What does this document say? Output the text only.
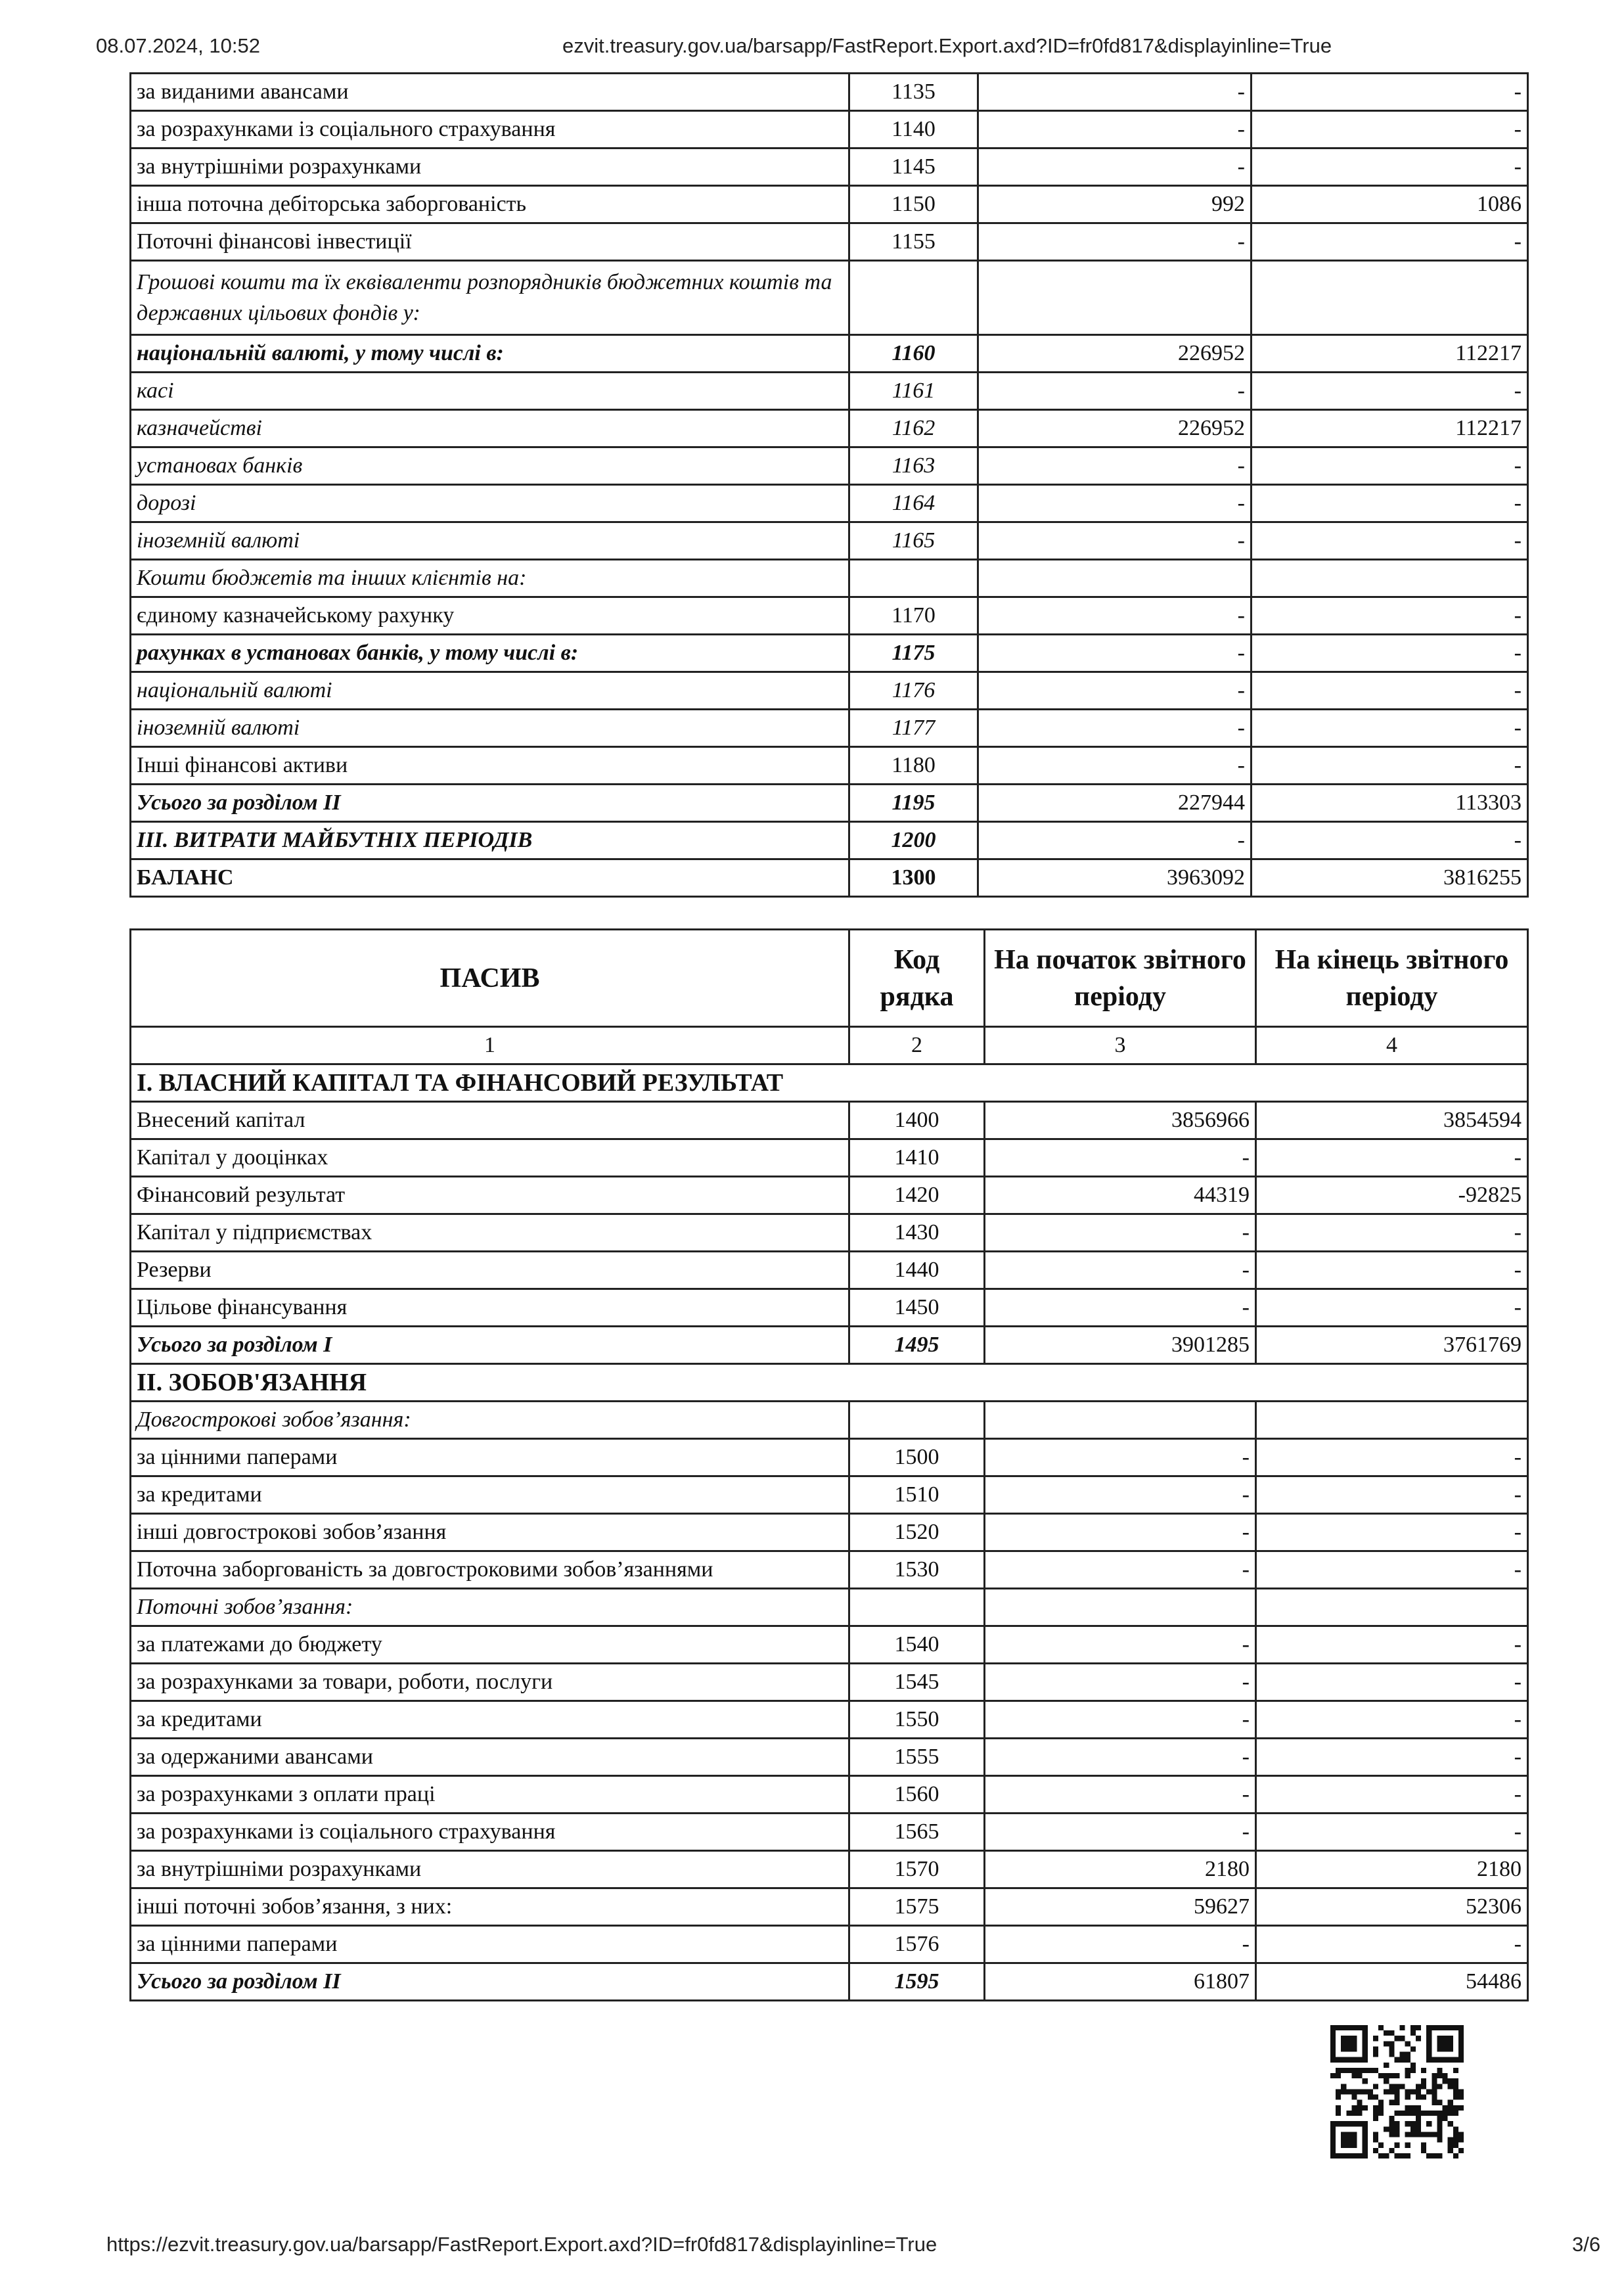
08.07.2024, 10:52	ezvit.treasury.gov.ua/barsapp/FastReport.Export.axd?ID=fr0fd817&displayinline=True
за виданими авансами	1135	-	-
за розрахунками із соціального страхування	1140	-	-
за внутрішніми розрахунками	1145	-	-
інша поточна дебіторська заборгованість	1150	992	1086
Поточні фінансові інвестиції	1155	-	-
Грошові кошти та їх еквіваленти розпорядників бюджетних коштів та державних цільових фондів у:			
національній валюті, у тому числі в:	1160	226952	112217
касі	1161	-	-
казначействі	1162	226952	112217
установах банків	1163	-	-
дорозі	1164	-	-
іноземній валюті	1165	-	-
Кошти бюджетів та інших клієнтів на:			
єдиному казначейському рахунку	1170	-	-
рахунках в установах банків, у тому числі в:	1175	-	-
національній валюті	1176	-	-
іноземній валюті	1177	-	-
Інші фінансові активи	1180	-	-
Усього за розділом II	1195	227944	113303
ІІІ. ВИТРАТИ МАЙБУТНІХ ПЕРІОДІВ	1200	-	-
БАЛАНС	1300	3963092	3816255
ПАСИВ	Код рядка	На початок звітного періоду	На кінець звітного періоду
1	2	3	4
I. ВЛАСНИЙ КАПІТАЛ ТА ФІНАНСОВИЙ РЕЗУЛЬТАТ			
Внесений капітал	1400	3856966	3854594
Капітал у дооцінках	1410	-	-
Фінансовий результат	1420	44319	-92825
Капітал у підприємствах	1430	-	-
Резерви	1440	-	-
Цільове фінансування	1450	-	-
Усього за розділом I	1495	3901285	3761769
II. ЗОБОВ'ЯЗАННЯ			
Довгострокові зобов’язання:			
за цінними паперами	1500	-	-
за кредитами	1510	-	-
інші довгострокові зобов’язання	1520	-	-
Поточна заборгованість за довгостроковими зобов’язаннями	1530	-	-
Поточні зобов’язання:			
за платежами до бюджету	1540	-	-
за розрахунками за товари, роботи, послуги	1545	-	-
за кредитами	1550	-	-
за одержаними авансами	1555	-	-
за розрахунками з оплати праці	1560	-	-
за розрахунками із соціального страхування	1565	-	-
за внутрішніми розрахунками	1570	2180	2180
інші поточні зобов’язання, з них:	1575	59627	52306
за цінними паперами	1576	-	-
Усього за розділом II	1595	61807	54486
https://ezvit.treasury.gov.ua/barsapp/FastReport.Export.axd?ID=fr0fd817&displayinline=True	3/6
